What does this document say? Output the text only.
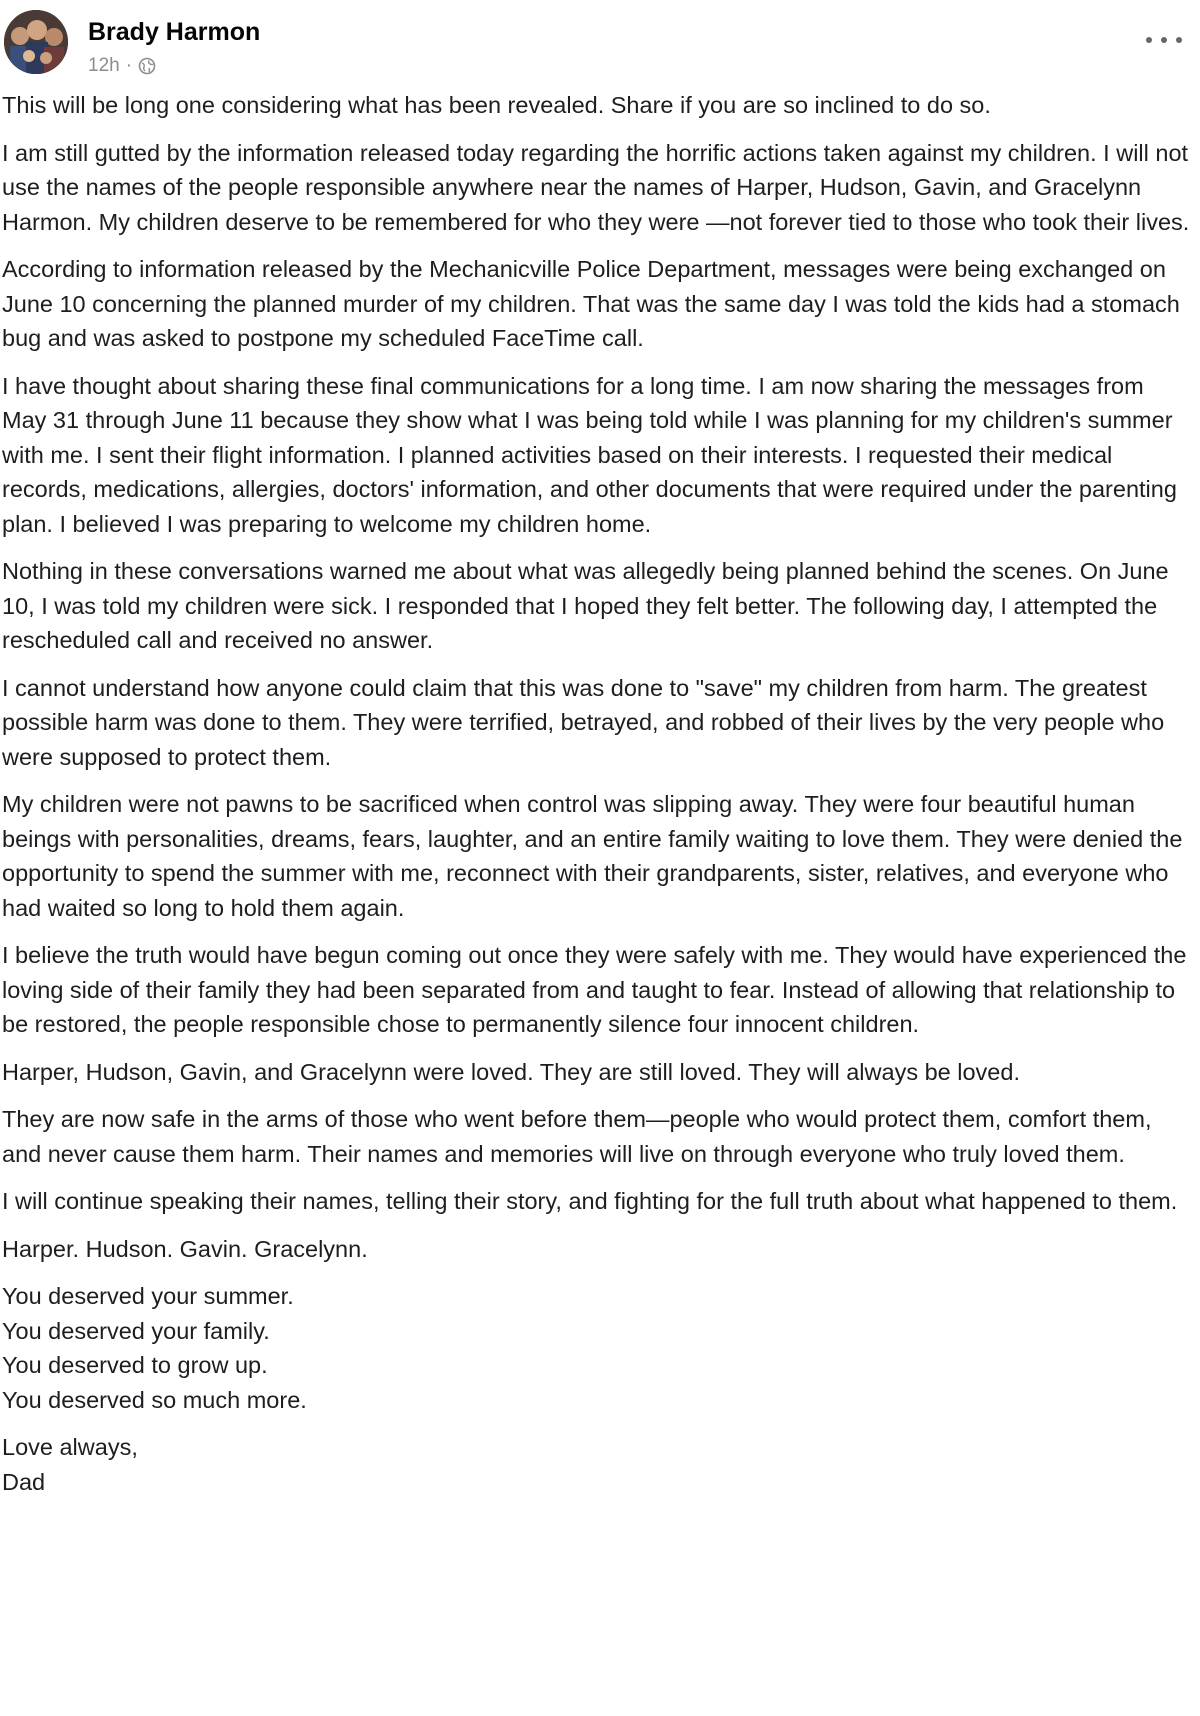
Brady Harmon
12h ·

This will be long one considering what has been revealed. Share if you are so inclined to do so.

I am still gutted by the information released today regarding the horrific actions taken against my children. I will not use the names of the people responsible anywhere near the names of Harper, Hudson, Gavin, and Gracelynn Harmon. My children deserve to be remembered for who they were —not forever tied to those who took their lives.

According to information released by the Mechanicville Police Department, messages were being exchanged on June 10 concerning the planned murder of my children. That was the same day I was told the kids had a stomach bug and was asked to postpone my scheduled FaceTime call.

I have thought about sharing these final communications for a long time. I am now sharing the messages from May 31 through June 11 because they show what I was being told while I was planning for my children's summer with me. I sent their flight information. I planned activities based on their interests. I requested their medical records, medications, allergies, doctors' information, and other documents that were required under the parenting plan. I believed I was preparing to welcome my children home.

Nothing in these conversations warned me about what was allegedly being planned behind the scenes. On June 10, I was told my children were sick. I responded that I hoped they felt better. The following day, I attempted the rescheduled call and received no answer.

I cannot understand how anyone could claim that this was done to "save" my children from harm. The greatest possible harm was done to them. They were terrified, betrayed, and robbed of their lives by the very people who were supposed to protect them.

My children were not pawns to be sacrificed when control was slipping away. They were four beautiful human beings with personalities, dreams, fears, laughter, and an entire family waiting to love them. They were denied the opportunity to spend the summer with me, reconnect with their grandparents, sister, relatives, and everyone who had waited so long to hold them again.

I believe the truth would have begun coming out once they were safely with me. They would have experienced the loving side of their family they had been separated from and taught to fear. Instead of allowing that relationship to be restored, the people responsible chose to permanently silence four innocent children.

Harper, Hudson, Gavin, and Gracelynn were loved. They are still loved. They will always be loved.

They are now safe in the arms of those who went before them—people who would protect them, comfort them, and never cause them harm. Their names and memories will live on through everyone who truly loved them.

I will continue speaking their names, telling their story, and fighting for the full truth about what happened to them.

Harper. Hudson. Gavin. Gracelynn.

You deserved your summer.
You deserved your family.
You deserved to grow up.
You deserved so much more.

Love always,
Dad
